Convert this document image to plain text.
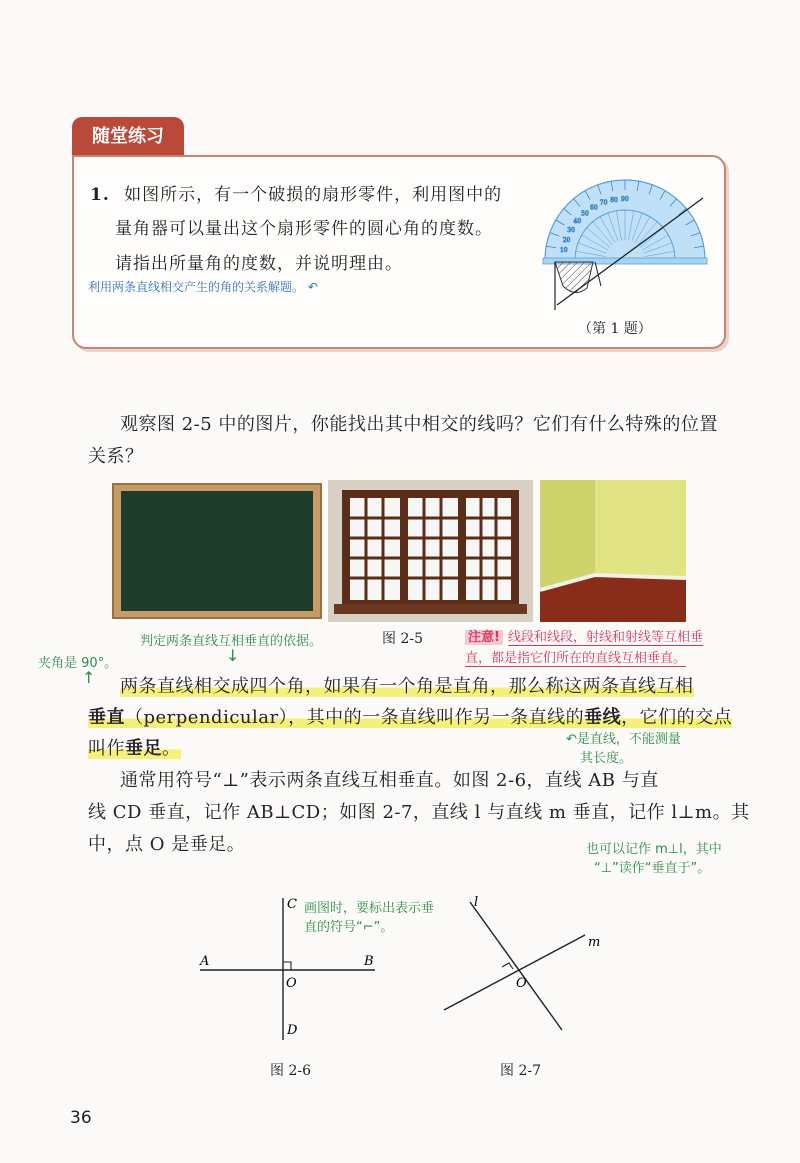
随堂练习
1. 如图所示，有一个破损的扇形零件，利用图中的
量角器可以量出这个扇形零件的圆心角的度数。
请指出所量角的度数，并说明理由。
利用两条直线相交产生的角的关系解题。 ↶
10
20
30
40
50
60
70 80 90
（第 1 题）
观察图 2-5 中的图片，你能找出其中相交的线吗？它们有什么特殊的位置
关系？
判定两条直线互相垂直的依据。	图 2-5	注意! 线段和线段，射线和射线等互相垂 直，都是指它们所在的直线互相垂直。
夹角是 90°。
↑
↓
两条直线相交成四个角，如果有一个角是直角，那么称这两条直线互相
垂直（perpendicular），其中的一条直线叫作另一条直线的垂线，它们的交点
叫作垂足。	↶是直线，不能测量
其长度。
通常用符号“⊥”表示两条直线互相垂直。如图 2-6，直线 AB 与直
线 CD 垂直，记作 AB⊥CD；如图 2-7，直线 l 与直线 m 垂直，记作 l⊥m。其
中，点 O 是垂足。	也可以记作 m⊥l，其中
“⊥”读作“垂直于”。
A	B
C
D
O
画图时，要标出表示垂
直的符号“⌐”。
图 2-6
l
m
O
图 2-7
36
